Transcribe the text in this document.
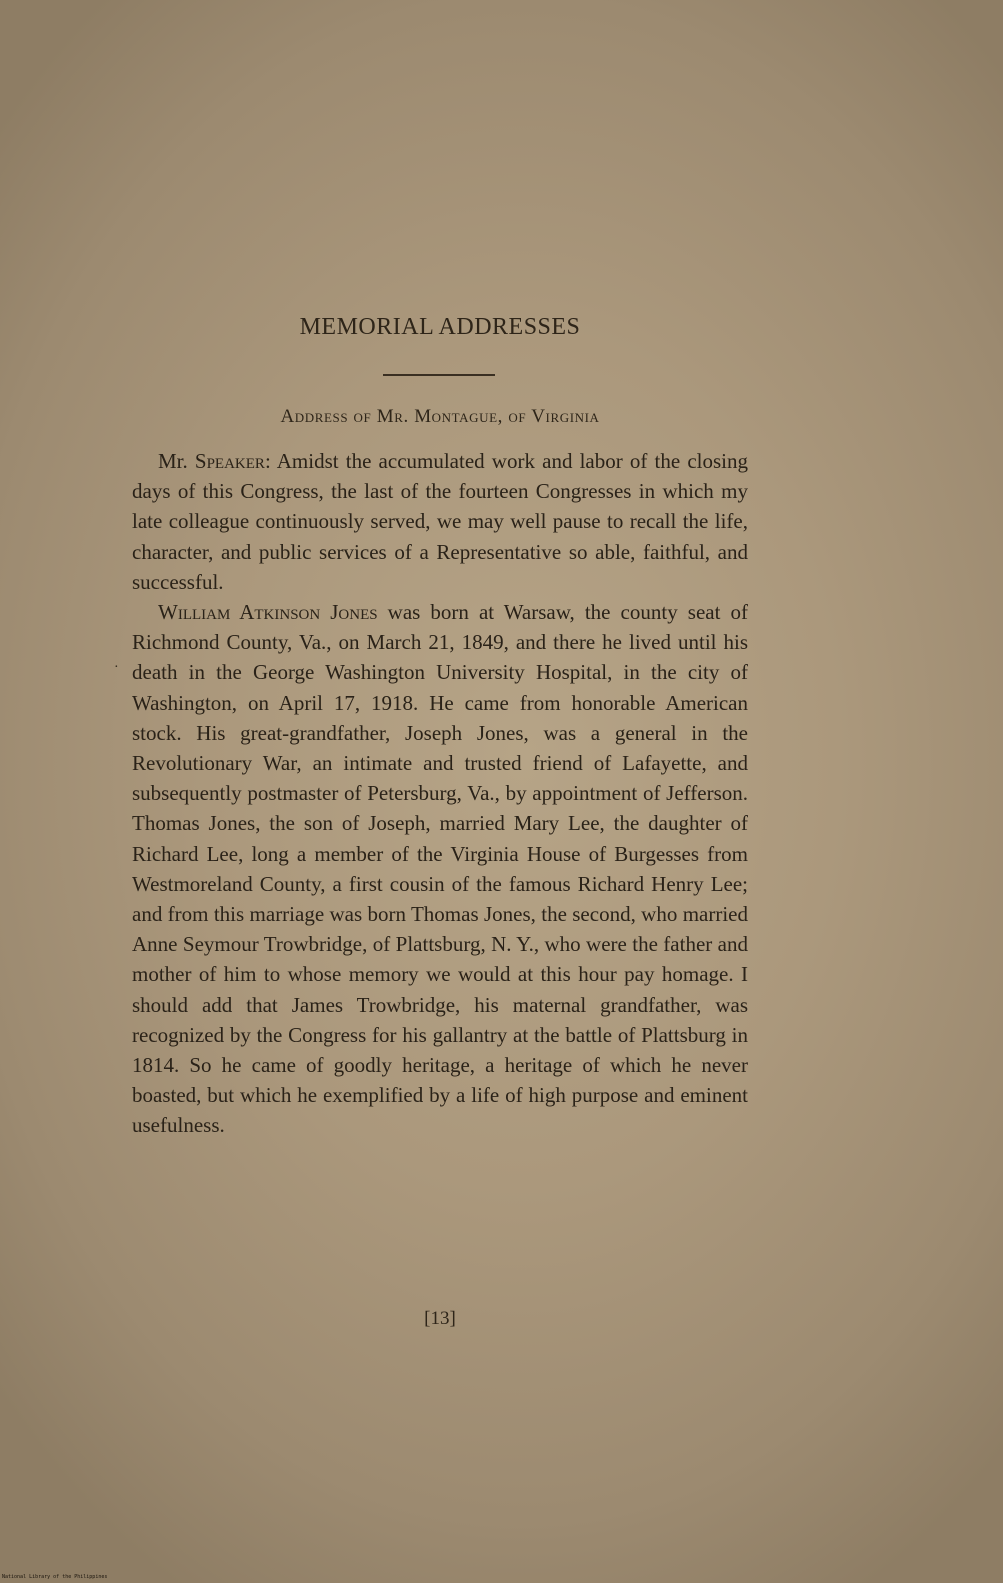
MEMORIAL ADDRESSES
Address of Mr. Montague, of Virginia
·

Mr. Speaker: Amidst the accumulated work and labor of the closing days of this Congress, the last of the fourteen Congresses in which my late colleague continuously served, we may well pause to recall the life, character, and public services of a Representative so able, faithful, and successful.

William Atkinson Jones was born at Warsaw, the county seat of Richmond County, Va., on March 21, 1849, and there he lived until his death in the George Washington University Hospital, in the city of Washington, on April 17, 1918. He came from honorable American stock. His great-grandfather, Joseph Jones, was a general in the Revolutionary War, an intimate and trusted friend of Lafayette, and subsequently postmaster of Petersburg, Va., by appointment of Jefferson. Thomas Jones, the son of Joseph, married Mary Lee, the daughter of Richard Lee, long a member of the Virginia House of Burgesses from Westmoreland County, a first cousin of the famous Richard Henry Lee; and from this marriage was born Thomas Jones, the second, who married Anne Seymour Trowbridge, of Plattsburg, N. Y., who were the father and mother of him to whose memory we would at this hour pay homage. I should add that James Trowbridge, his maternal grandfather, was recognized by the Congress for his gallantry at the battle of Plattsburg in 1814. So he came of goodly heritage, a heritage of which he never boasted, but which he exemplified by a life of high purpose and eminent usefulness.

[13]
National Library of the Philippines
